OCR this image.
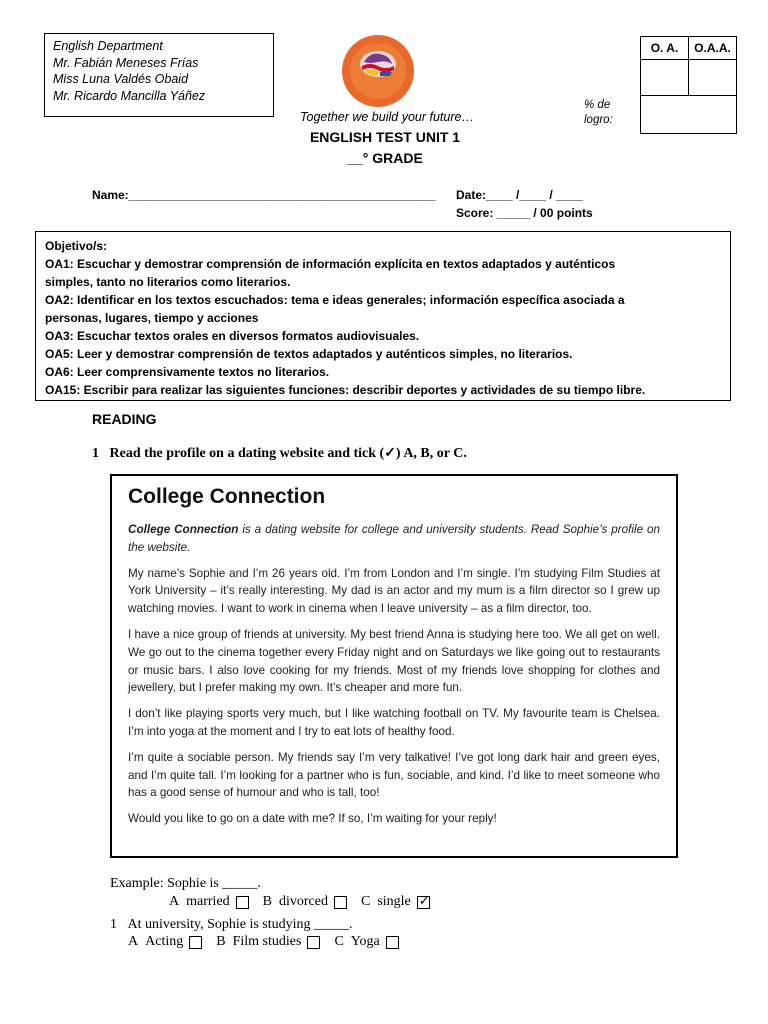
English Department
Mr. Fabián Meneses Frías
Miss Luna Valdés Obaid
Mr. Ricardo Mancilla Yáñez
Together we build your future…
ENGLISH TEST UNIT 1
__° GRADE
% de
logro:
O. A.	O.A.A.

Name:______________________________________________ Date:____ /____ / ____
Score: _____ / 00 points
Objetivo/s:
OA1: Escuchar y demostrar comprensión de información explícita en textos adaptados y auténticos
simples, tanto no literarios como literarios.
OA2: Identificar en los textos escuchados: tema e ideas generales; información específica asociada a
personas, lugares, tiempo y acciones
OA3: Escuchar textos orales en diversos formatos audiovisuales.
OA5: Leer y demostrar comprensión de textos adaptados y auténticos simples, no literarios.
OA6: Leer comprensivamente textos no literarios.
OA15: Escribir para realizar las siguientes funciones: describir deportes y actividades de su tiempo libre.
READING
1 Read the profile on a dating website and tick (✓) A, B, or C.
College Connection

College Connection is a dating website for college and university students. Read Sophie’s profile on the website.

My name’s Sophie and I’m 26 years old. I’m from London and I’m single. I’m studying Film Studies at York University – it’s really interesting. My dad is an actor and my mum is a film director so I grew up watching movies. I want to work in cinema when I leave university – as a film director, too.

I have a nice group of friends at university. My best friend Anna is studying here too. We all get on well. We go out to the cinema together every Friday night and on Saturdays we like going out to restaurants or music bars. I also love cooking for my friends. Most of my friends love shopping for clothes and jewellery, but I prefer making my own. It’s cheaper and more fun.

I don’t like playing sports very much, but I like watching football on TV. My favourite team is Chelsea. I’m into yoga at the moment and I try to eat lots of healthy food.

I’m quite a sociable person. My friends say I’m very talkative! I’ve got long dark hair and green eyes, and I’m quite tall. I’m looking for a partner who is fun, sociable, and kind. I’d like to meet someone who has a good sense of humour and who is tall, too!

Would you like to go on a date with me? If so, I’m waiting for your reply!

Example: Sophie is _____.
A
married B
divorced C
single ✓
1
At university, Sophie is studying _____.
A
Acting B
Film studies C
Yoga
